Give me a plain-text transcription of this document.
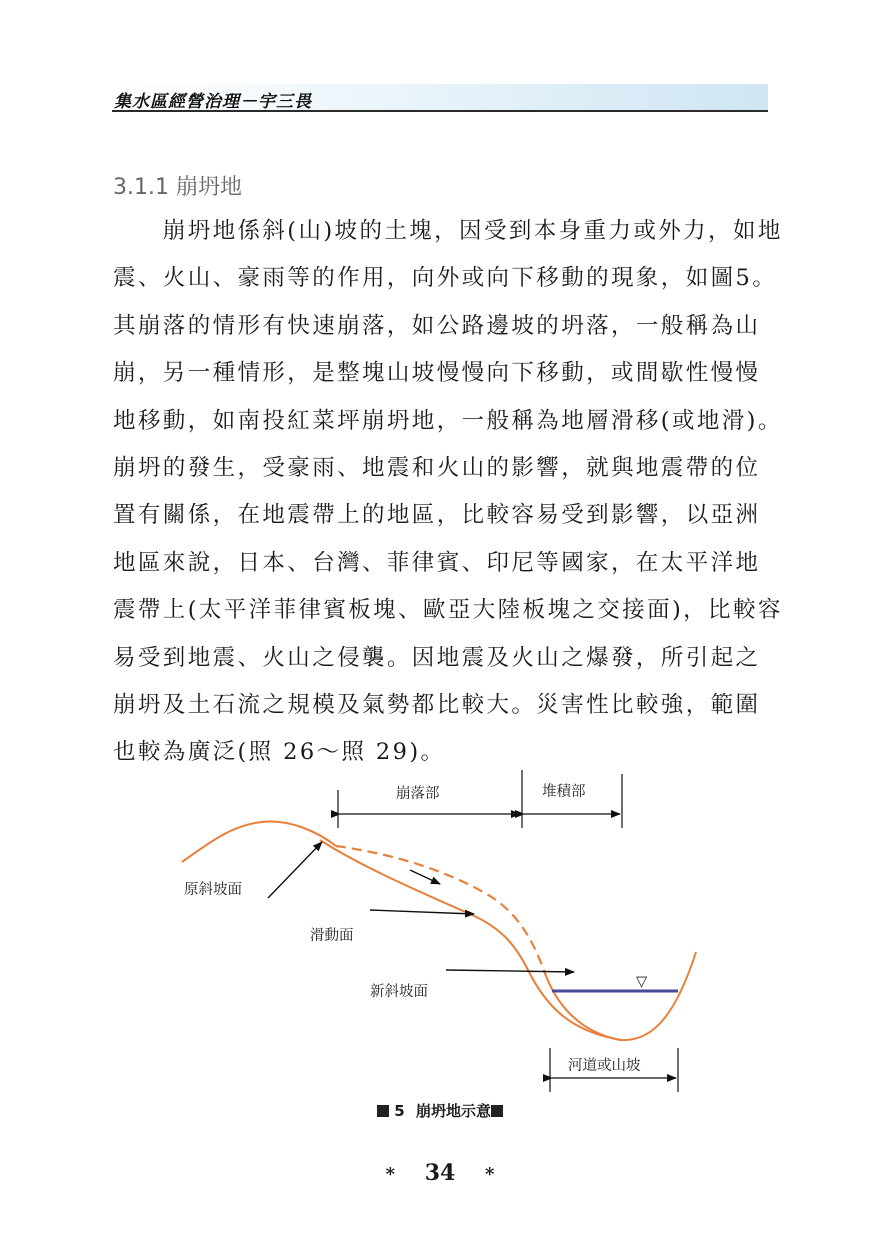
集水區經營治理－宇三畏
3.1.1 崩坍地
　　崩坍地係斜(山)坡的土塊，因受到本身重力或外力，如地
震、火山、豪雨等的作用，向外或向下移動的現象，如圖5。
其崩落的情形有快速崩落，如公路邊坡的坍落，一般稱為山
崩，另一種情形，是整塊山坡慢慢向下移動，或間歇性慢慢
地移動，如南投紅菜坪崩坍地，一般稱為地層滑移(或地滑)。
崩坍的發生，受豪雨、地震和火山的影響，就與地震帶的位
置有關係，在地震帶上的地區，比較容易受到影響，以亞洲
地區來說，日本、台灣、菲律賓、印尼等國家，在太平洋地
震帶上(太平洋菲律賓板塊、歐亞大陸板塊之交接面)，比較容
易受到地震、火山之侵襲。因地震及火山之爆發，所引起之
崩坍及土石流之規模及氣勢都比較大。災害性比較強，範圍
也較為廣泛(照 26～照 29)。
▽
崩落部	堆積部
原斜坡面
滑動面
新斜坡面
河道或山坡
5 崩坍地示意
* 34 *
